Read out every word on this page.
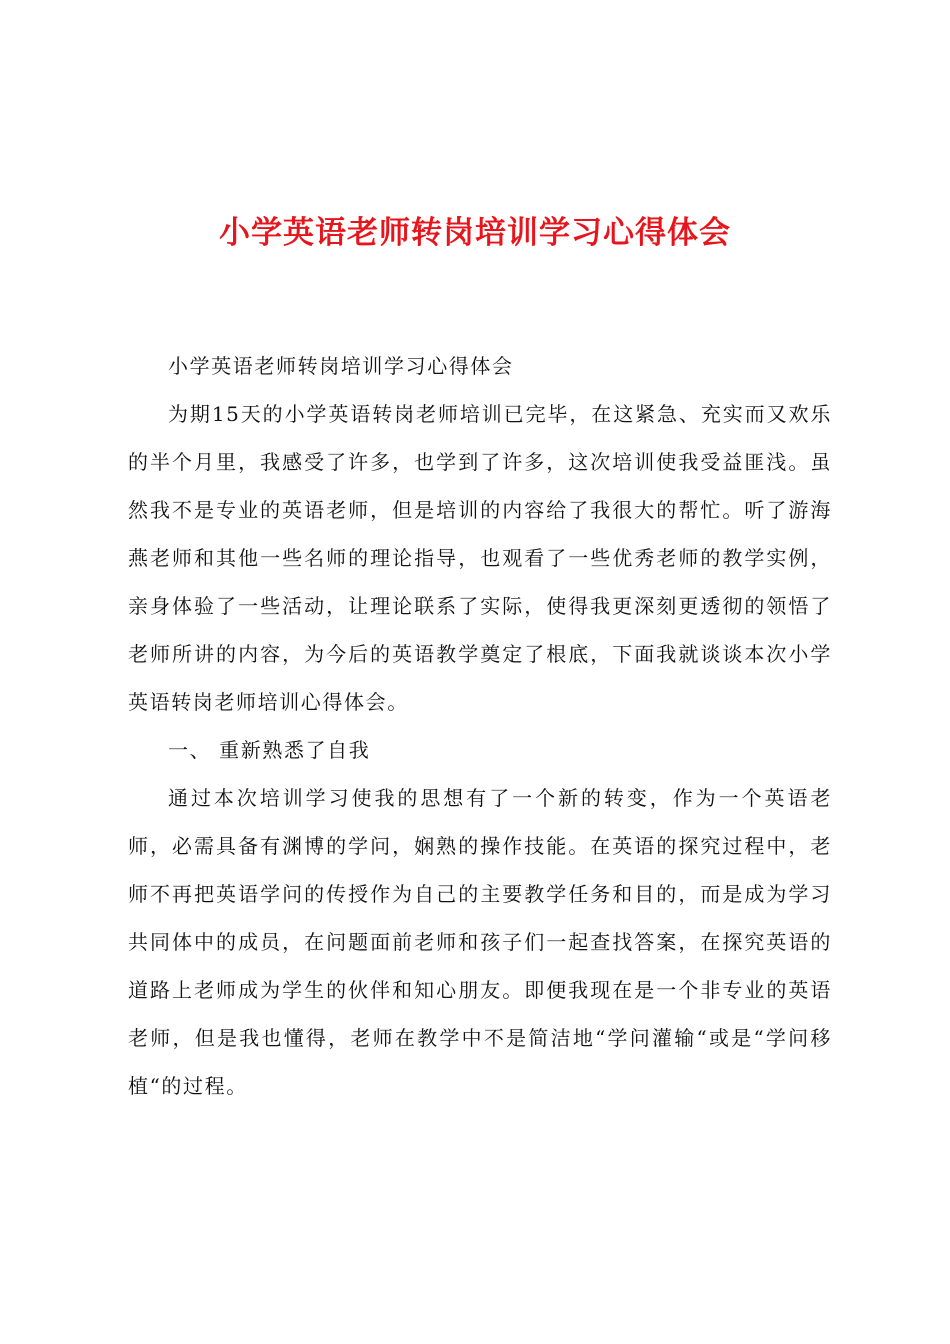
小学英语老师转岗培训学习心得体会

小学英语老师转岗培训学习心得体会

为期15天的小学英语转岗老师培训已完毕，在这紧急、充实而又欢乐的半个月里，我感受了许多，也学到了许多，这次培训使我受益匪浅。虽然我不是专业的英语老师，但是培训的内容给了我很大的帮忙。听了游海燕老师和其他一些名师的理论指导，也观看了一些优秀老师的教学实例，亲身体验了一些活动，让理论联系了实际，使得我更深刻更透彻的领悟了老师所讲的内容，为今后的英语教学奠定了根底，下面我就谈谈本次小学英语转岗老师培训心得体会。

一、 重新熟悉了自我

通过本次培训学习使我的思想有了一个新的转变，作为一个英语老师，必需具备有渊博的学问，娴熟的操作技能。在英语的探究过程中，老师不再把英语学问的传授作为自己的主要教学任务和目的，而是成为学习共同体中的成员，在问题面前老师和孩子们一起查找答案，在探究英语的道路上老师成为学生的伙伴和知心朋友。即便我现在是一个非专业的英语老师，但是我也懂得，老师在教学中不是简洁地“学问灌输“或是“学问移植“的过程。
